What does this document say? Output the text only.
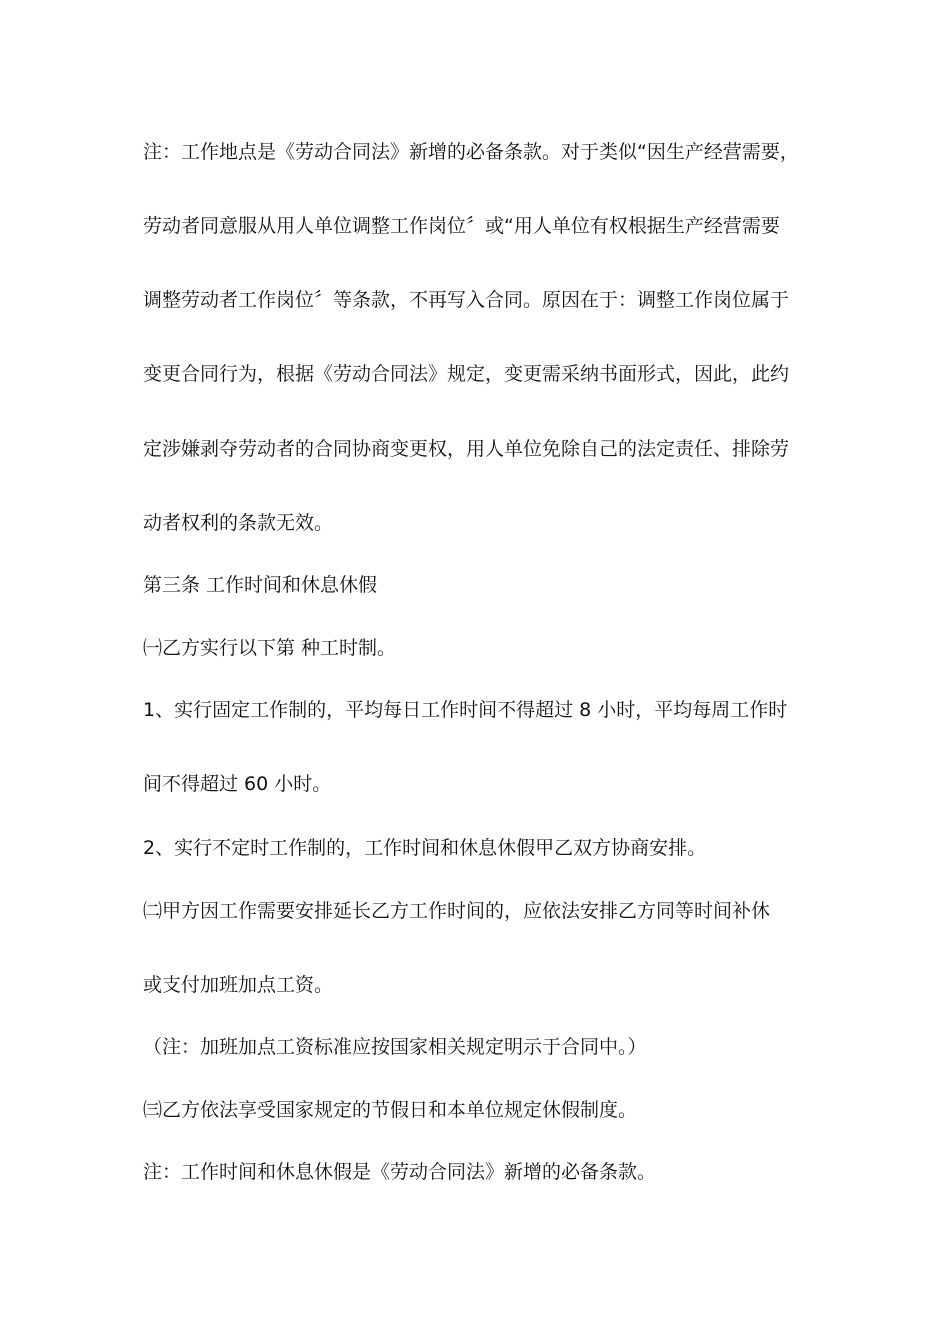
注：工作地点是《劳动合同法》新增的必备条款。对于类似“因生产经营需要，
劳动者同意服从用人单位调整工作岗位〞或“用人单位有权根据生产经营需要
调整劳动者工作岗位〞等条款，不再写入合同。原因在于：调整工作岗位属于
变更合同行为，根据《劳动合同法》规定，变更需采纳书面形式，因此，此约
定涉嫌剥夺劳动者的合同协商变更权，用人单位免除自己的法定责任、排除劳
动者权利的条款无效。
第三条 工作时间和休息休假
㈠乙方实行以下第 种工时制。
1、实行固定工作制的，平均每日工作时间不得超过 8 小时，平均每周工作时
间不得超过 60 小时。
2、实行不定时工作制的，工作时间和休息休假甲乙双方协商安排。
㈡甲方因工作需要安排延长乙方工作时间的，应依法安排乙方同等时间补休
或支付加班加点工资。
（注：加班加点工资标准应按国家相关规定明示于合同中。）
㈢乙方依法享受国家规定的节假日和本单位规定休假制度。
注：工作时间和休息休假是《劳动合同法》新增的必备条款。
